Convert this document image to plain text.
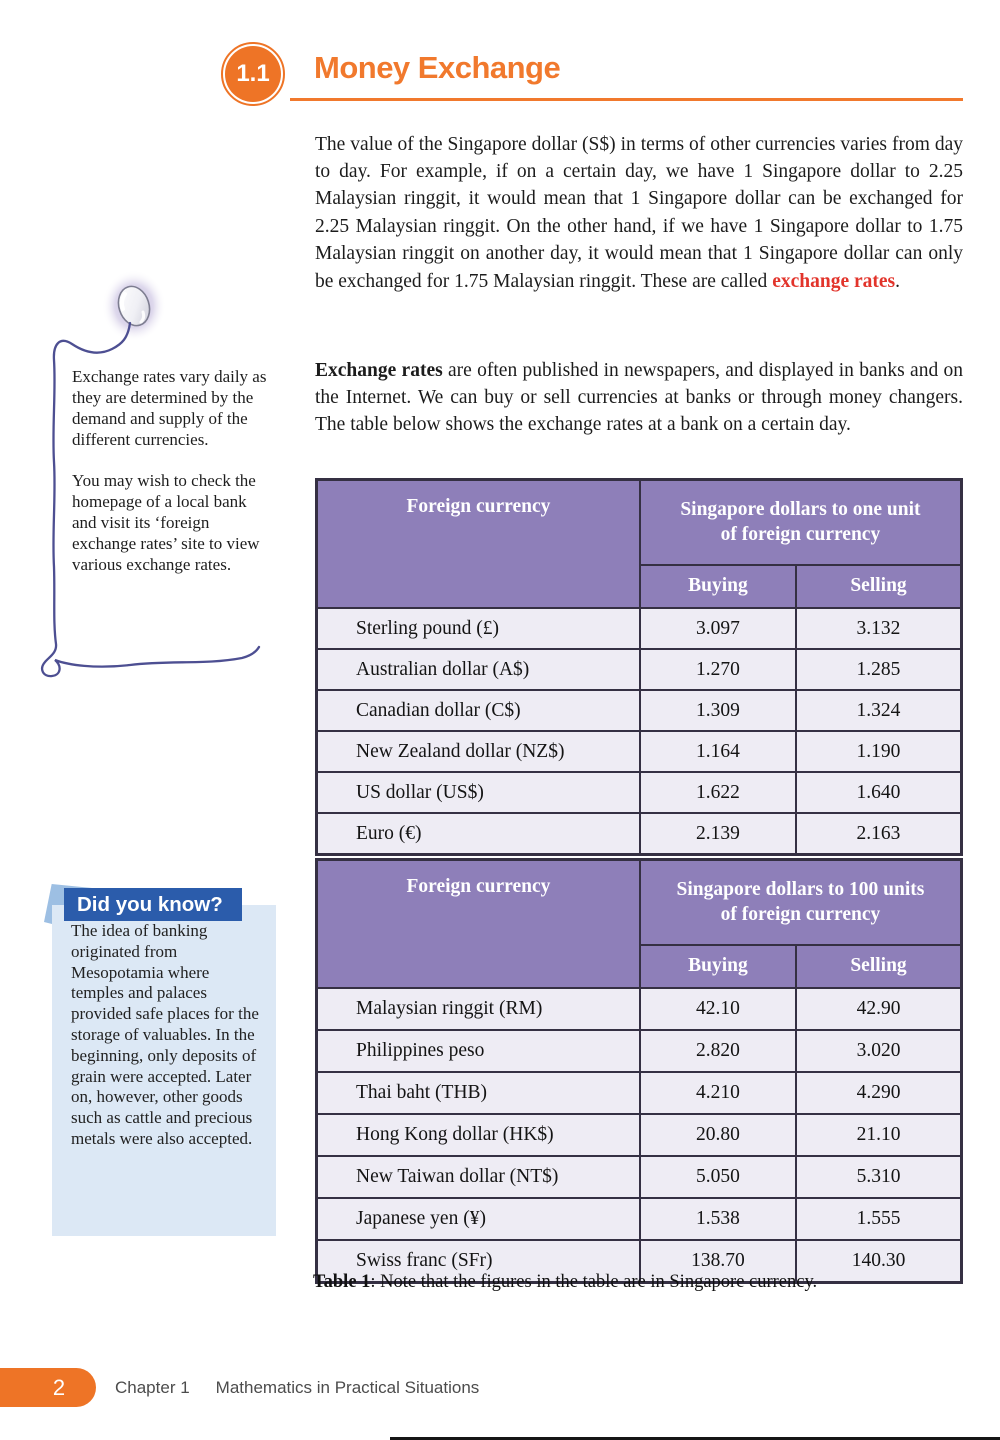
1.1	Money Exchange

The value of the Singapore dollar (S$) in terms of other currencies varies from day to day. For example, if on a certain day, we have 1 Singapore dollar to 2.25 Malaysian ringgit, it would mean that 1 Singapore dollar can be exchanged for 2.25 Malaysian ringgit. On the other hand, if we have 1 Singapore dollar to 1.75 Malaysian ringgit on another day, it would mean that 1 Singapore dollar can only be exchanged for 1.75 Malaysian ringgit. These are called exchange rates.

Exchange rates are often published in newspapers, and displayed in banks and on the Internet. We can buy or sell currencies at banks or through money changers. The table below shows the exchange rates at a bank on a certain day.

Exchange rates vary daily as they are determined by the demand and supply of the different currencies.

You may wish to check the homepage of a local bank and visit its ‘foreign exchange rates’ site to view various exchange rates.

Foreign currency	Singapore dollars to one unit of foreign currency	
	Buying	Selling
Sterling pound (£)	3.097	3.132
Australian dollar (A$)	1.270	1.285
Canadian dollar (C$)	1.309	1.324
New Zealand dollar (NZ$)	1.164	1.190
US dollar (US$)	1.622	1.640
Euro (€)	2.139	2.163
Did you know?
The idea of banking originated from Mesopotamia where temples and palaces provided safe places for the storage of valuables. In the beginning, only deposits of grain were accepted. Later on, however, other goods such as cattle and precious metals were also accepted.
Foreign currency	Singapore dollars to 100 units of foreign currency	
	Buying	Selling
Malaysian ringgit (RM)	42.10	42.90
Philippines peso	2.820	3.020
Thai baht (THB)	4.210	4.290
Hong Kong dollar (HK$)	20.80	21.10
New Taiwan dollar (NT$)	5.050	5.310
Japanese yen (¥)	1.538	1.555
Swiss franc (SFr)	138.70	140.30

Table 1: Note that the figures in the table are in Singapore currency.

2	Chapter 1 Mathematics in Practical Situations
